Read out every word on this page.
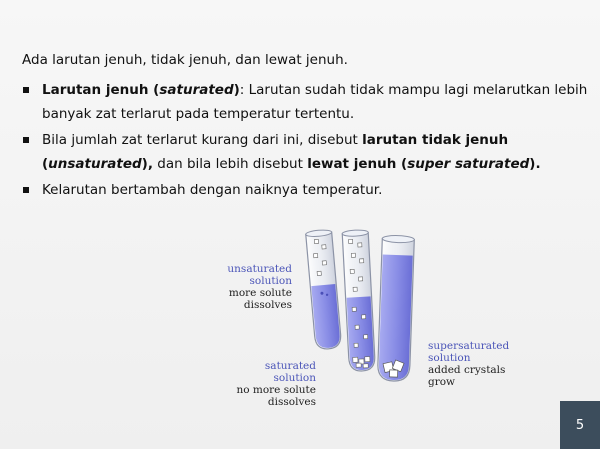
Ada larutan jenuh, tidak jenuh, dan lewat jenuh.
Larutan jenuh (saturated): Larutan sudah tidak mampu lagi melarutkan lebih banyak zat terlarut pada temperatur tertentu.
Bila jumlah zat terlarut kurang dari ini, disebut larutan tidak jenuh (unsaturated), dan bila lebih disebut lewat jenuh (super saturated).
Kelarutan bertambah dengan naiknya temperatur.
unsaturated
solution
more solute
dissolves
saturated
solution
no more solute
dissolves
supersaturated
solution
added crystals
grow
5
